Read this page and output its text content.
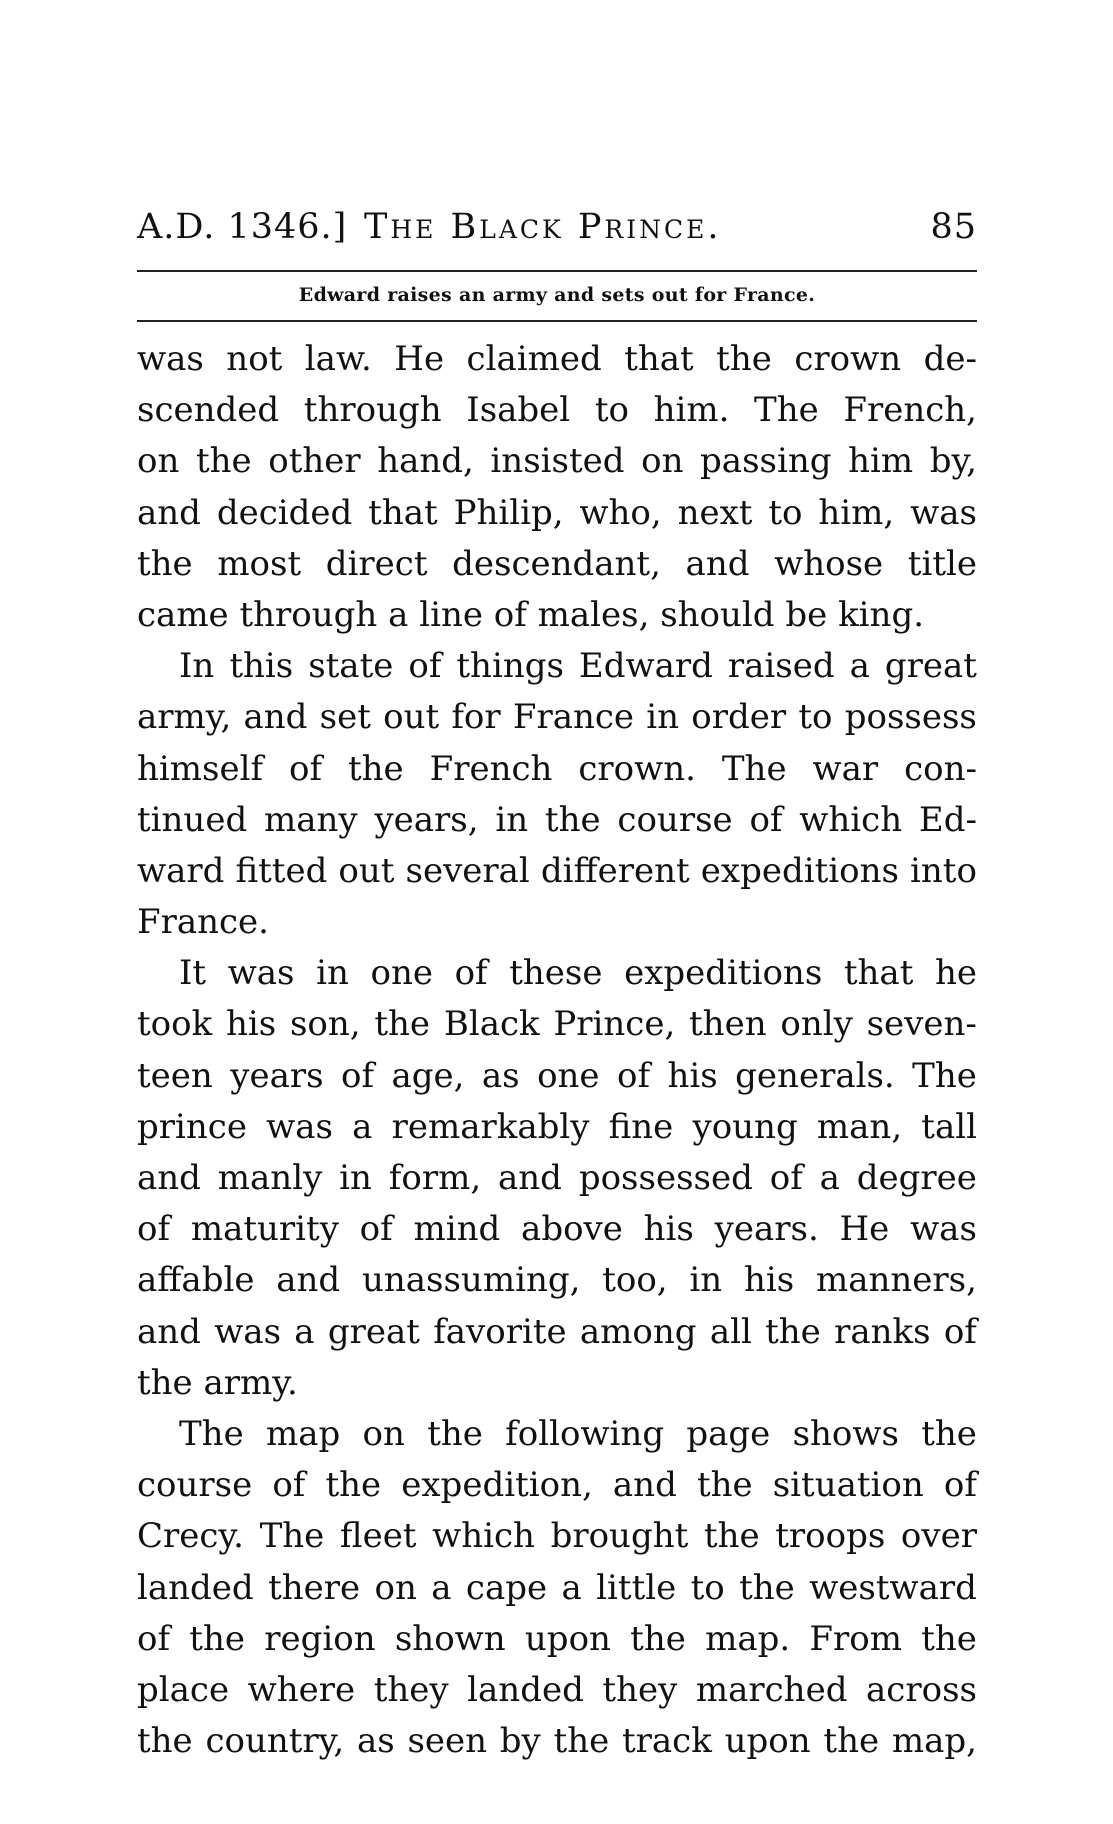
A.D. 1346.] The Black Prince.	85
Edward raises an army and sets out for France.
was not law. He claimed that the crown de-
scended through Isabel to him. The French,
on the other hand, insisted on passing him by,
and decided that Philip, who, next to him, was
the most direct descendant, and whose title
came through a line of males, should be king.
In this state of things Edward raised a great
army, and set out for France in order to possess
himself of the French crown. The war con-
tinued many years, in the course of which Ed-
ward fitted out several different expeditions into
France.
It was in one of these expeditions that he
took his son, the Black Prince, then only seven-
teen years of age, as one of his generals. The
prince was a remarkably fine young man, tall
and manly in form, and possessed of a degree
of maturity of mind above his years. He was
affable and unassuming, too, in his manners,
and was a great favorite among all the ranks of
the army.
The map on the following page shows the
course of the expedition, and the situation of
Crecy. The fleet which brought the troops over
landed there on a cape a little to the westward
of the region shown upon the map. From the
place where they landed they marched across
the country, as seen by the track upon the map,
